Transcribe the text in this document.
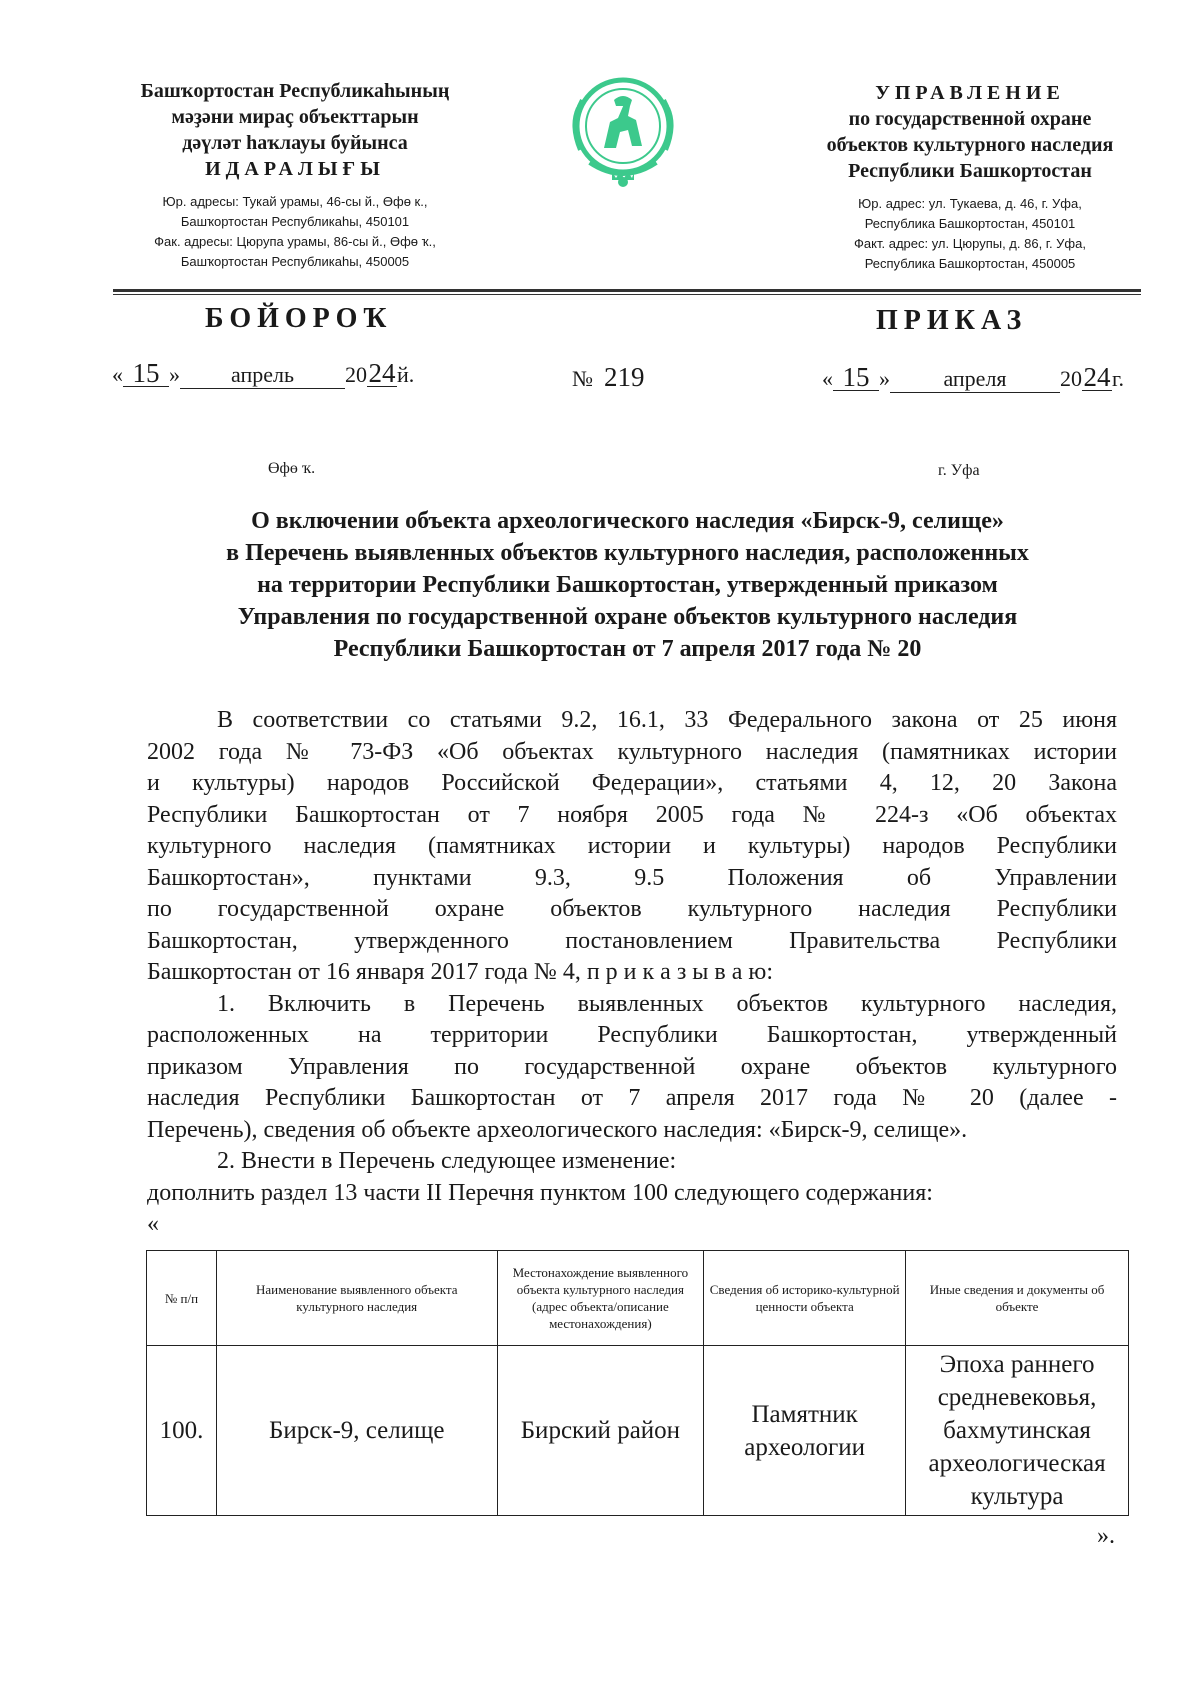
Башҡортостан Республикаһының
мәҙәни мираҫ объекттарын
дәүләт һаҡлауы буйынса
ИДАРАЛЫҒЫ
Юр. адресы: Тукай урамы, 46-сы й., Өфө к.,
Башҡортостан Республикаһы, 450101
Фак. адресы: Цюрупа урамы, 86-сы й., Өфө ҡ.,
Башҡортостан Республикаһы, 450005
УПРАВЛЕНИЕ
по государственной охране
объектов культурного наследия
Республики Башкортостан
Юр. адрес: ул. Тукаева, д. 46, г. Уфа,
Республика Башкортостан, 450101
Факт. адрес: ул. Цюрупы, д. 86, г. Уфа,
Республика Башкортостан, 450005
БОЙОРОҠ	ПРИКАЗ
« 15 » апрель 2024й.	№ 219	« 15 » апреля 2024г.
Өфө ҡ.	г. Уфа
О включении объекта археологического наследия «Бирск-9, селище»
в Перечень выявленных объектов культурного наследия, расположенных
на территории Республики Башкортостан, утвержденный приказом
Управления по государственной охране объектов культурного наследия
Республики Башкортостан от 7 апреля 2017 года № 20
В соответствии со статьями 9.2, 16.1, 33 Федерального закона от 25 июня
2002 года № 73-ФЗ «Об объектах культурного наследия (памятниках истории
и культуры) народов Российской Федерации», статьями 4, 12, 20 Закона
Республики Башкортостан от 7 ноября 2005 года № 224-з «Об объектах
культурного наследия (памятниках истории и культуры) народов Республики
Башкортостан», пунктами 9.3, 9.5 Положения об Управлении
по государственной охране объектов культурного наследия Республики
Башкортостан, утвержденного постановлением Правительства Республики
Башкортостан от 16 января 2017 года № 4, п р и к а з ы в а ю:
1. Включить в Перечень выявленных объектов культурного наследия,
расположенных на территории Республики Башкортостан, утвержденный
приказом Управления по государственной охране объектов культурного
наследия Республики Башкортостан от 7 апреля 2017 года № 20 (далее -
Перечень), сведения об объекте археологического наследия: «Бирск-9, селище».
2. Внести в Перечень следующее изменение:
дополнить раздел 13 части II Перечня пунктом 100 следующего содержания:
«
№ п/п	Наименование выявленного объекта культурного наследия	Местонахождение выявленного объекта культурного наследия (адрес объекта/описание местонахождения)	Сведения об историко-культурной ценности объекта	Иные сведения и документы об объекте
100.	Бирск-9, селище	Бирский район	Памятник археологии	Эпоха раннего средневековья, бахмутинская археологическая культура
».
